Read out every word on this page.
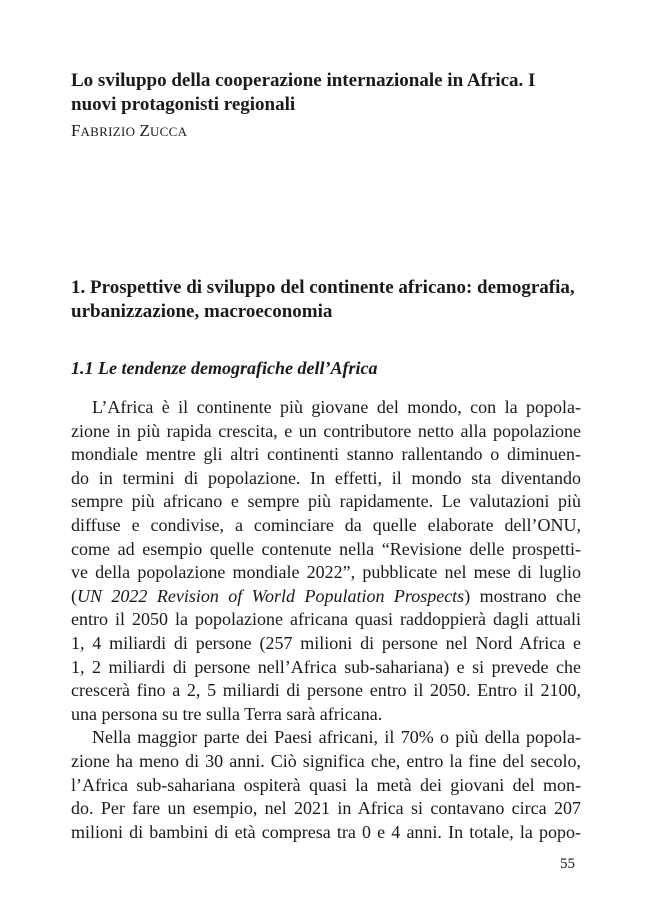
Lo sviluppo della cooperazione internazionale in Africa. I
nuovi protagonisti regionali
FABRIZIO ZUCCA
1. Prospettive di sviluppo del continente africano: demografia,
urbanizzazione, macroeconomia
1.1 Le tendenze demografiche dell’Africa
L’Africa è il continente più giovane del mondo, con la popola-
zione in più rapida crescita, e un contributore netto alla popolazione
mondiale mentre gli altri continenti stanno rallentando o diminuen-
do in termini di popolazione. In effetti, il mondo sta diventando
sempre più africano e sempre più rapidamente. Le valutazioni più
diffuse e condivise, a cominciare da quelle elaborate dell’ONU,
come ad esempio quelle contenute nella “Revisione delle prospetti-
ve della popolazione mondiale 2022”, pubblicate nel mese di luglio
(UN 2022 Revision of World Population Prospects) mostrano che
entro il 2050 la popolazione africana quasi raddoppierà dagli attuali
1, 4 miliardi di persone (257 milioni di persone nel Nord Africa e
1, 2 miliardi di persone nell’Africa sub-sahariana) e si prevede che
crescerà fino a 2, 5 miliardi di persone entro il 2050. Entro il 2100,
una persona su tre sulla Terra sarà africana.
Nella maggior parte dei Paesi africani, il 70% o più della popola-
zione ha meno di 30 anni. Ciò significa che, entro la fine del secolo,
l’Africa sub-sahariana ospiterà quasi la metà dei giovani del mon-
do. Per fare un esempio, nel 2021 in Africa si contavano circa 207
milioni di bambini di età compresa tra 0 e 4 anni. In totale, la popo-
55
